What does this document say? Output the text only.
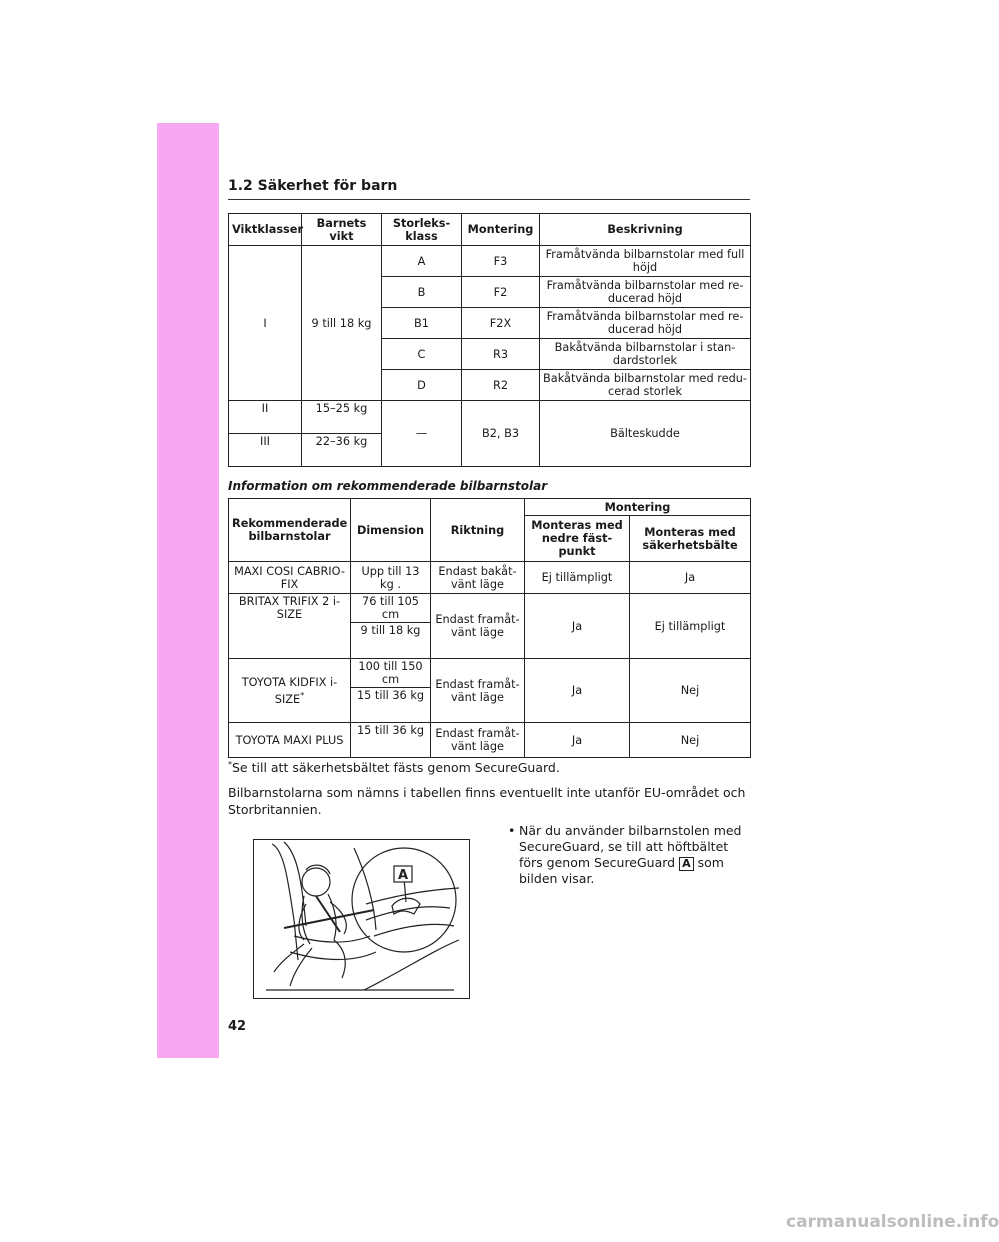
1.2 Säkerhet för barn
Viktklasser	Barnets vikt	Storleks-klass	Montering	Beskrivning
I	9 till 18 kg	A	F3	Framåtvända bilbarnstolar med full höjd
		B	F2	Framåtvända bilbarnstolar med re-ducerad höjd
		B1	F2X	Framåtvända bilbarnstolar med re-ducerad höjd
		C	R3	Bakåtvända bilbarnstolar i stan-dardstorlek
		D	R2	Bakåtvända bilbarnstolar med redu-cerad storlek
II	15–25 kg	—	B2, B3	Bälteskudde
III	22–36 kg			
Information om rekommenderade bilbarnstolar
Rekommenderade bilbarnstolar	Dimension	Riktning	Montering	
			Monteras med nedre fäst-punkt	Monteras med säkerhetsbälte
MAXI COSI CABRIO-FIX	Upp till 13 kg .	Endast bakåt-vänt läge	Ej tillämpligt	Ja
BRITAX TRIFIX 2 i-SIZE	76 till 105 cm	Endast framåt-vänt läge	Ja	Ej tillämpligt
	9 till 18 kg			
TOYOTA KIDFIX i-SIZE*	100 till 150 cm	Endast framåt-vänt läge	Ja	Nej
	15 till 36 kg			
TOYOTA MAXI PLUS	15 till 36 kg	Endast framåt-vänt läge	Ja	Nej
*Se till att säkerhetsbältet fästs genom SecureGuard.
Bilbarnstolarna som nämns i tabellen finns eventuellt inte utanför EU-området och Storbritannien.
• När du använder bilbarnstolen med SecureGuard, se till att höftbältet förs genom SecureGuard A som bilden visar.
A
42
carmanualsonline.info
